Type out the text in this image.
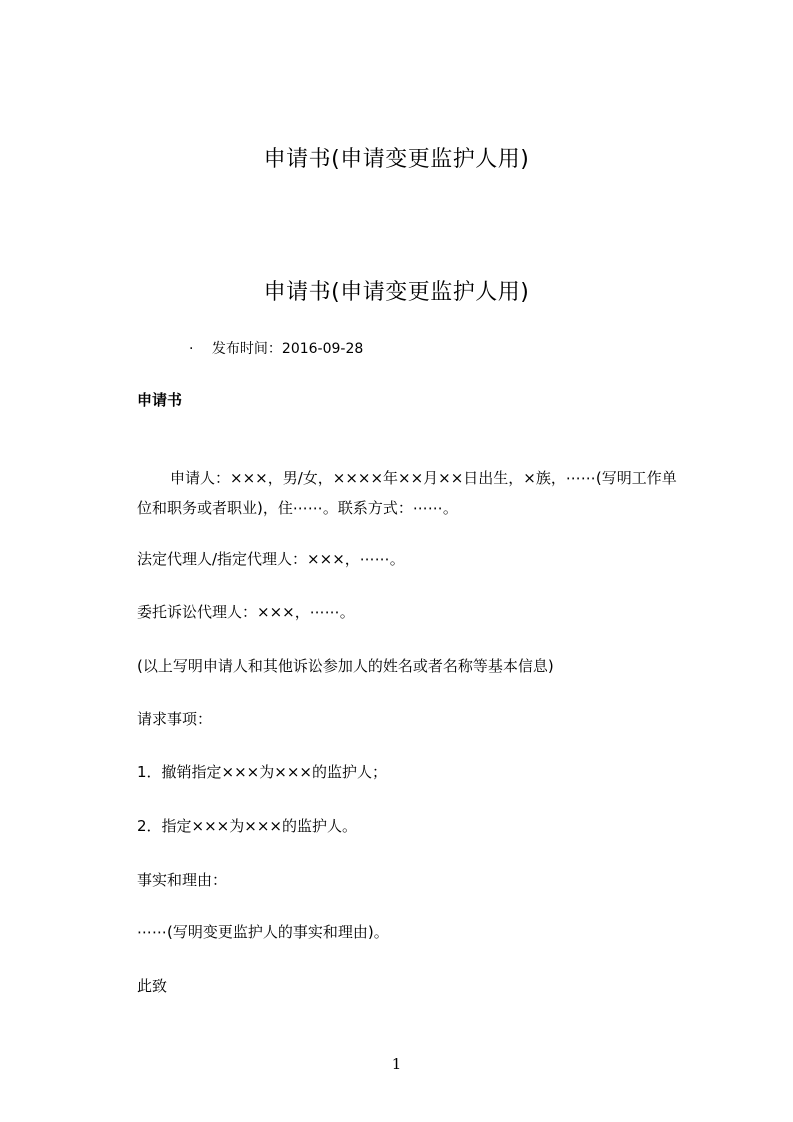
申请书(申请变更监护人用)
申请书(申请变更监护人用)
· 发布时间：2016-09-28
申请书
申请人：×××，男/女，××××年××月××日出生，×族，⋯⋯(写明工作单
位和职务或者职业)，住⋯⋯。联系方式：⋯⋯。
法定代理人/指定代理人：×××，⋯⋯。
委托诉讼代理人：×××，⋯⋯。
(以上写明申请人和其他诉讼参加人的姓名或者名称等基本信息)
请求事项：
1．撤销指定×××为×××的监护人；
2．指定×××为×××的监护人。
事实和理由：
⋯⋯(写明变更监护人的事实和理由)。
此致
1
